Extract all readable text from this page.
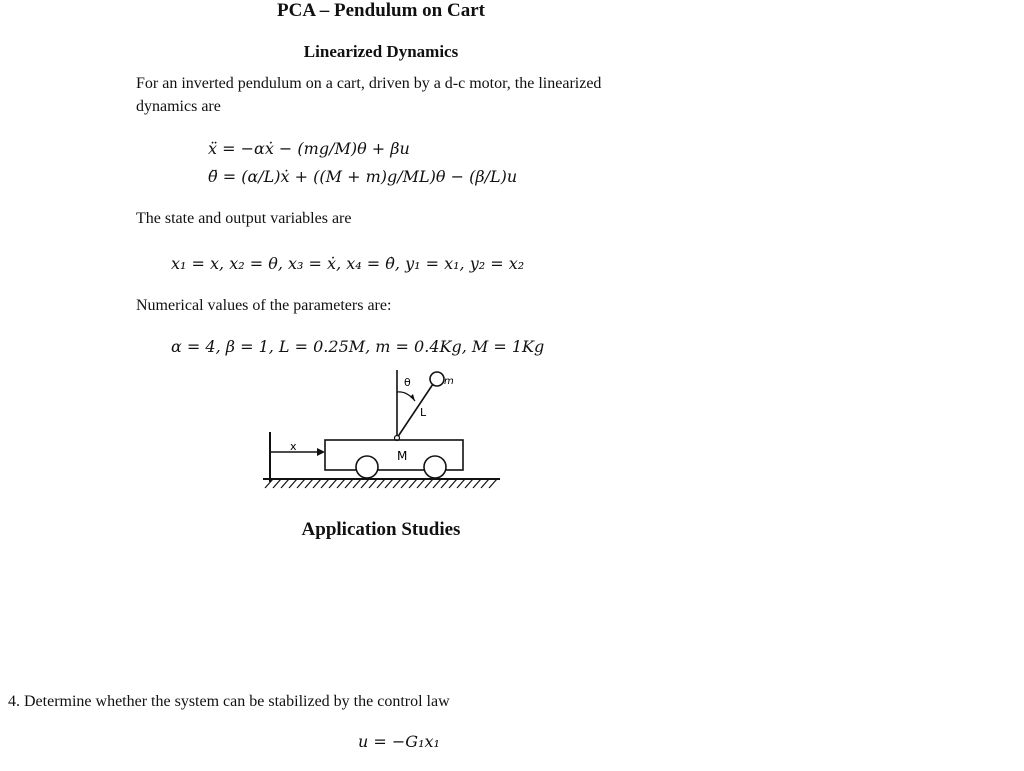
PCA – Pendulum on Cart
Linearized Dynamics
For an inverted pendulum on a cart, driven by a d-c motor, the linearized dynamics are
ẍ = −αẋ − (mg/M)θ + βu
θ̈ = (α/L)ẋ + ((M + m)g/ML)θ − (β/L)u
The state and output variables are
x₁ = x, x₂ = θ, x₃ = ẋ, x₄ = θ̇, y₁ = x₁, y₂ = x₂
Numerical values of the parameters are:
α = 4, β = 1, L = 0.25M, m = 0.4Kg, M = 1Kg
θ	m
L
M
x
Application Studies
4. Determine whether the system can be stabilized by the control law
u = −G₁x₁
